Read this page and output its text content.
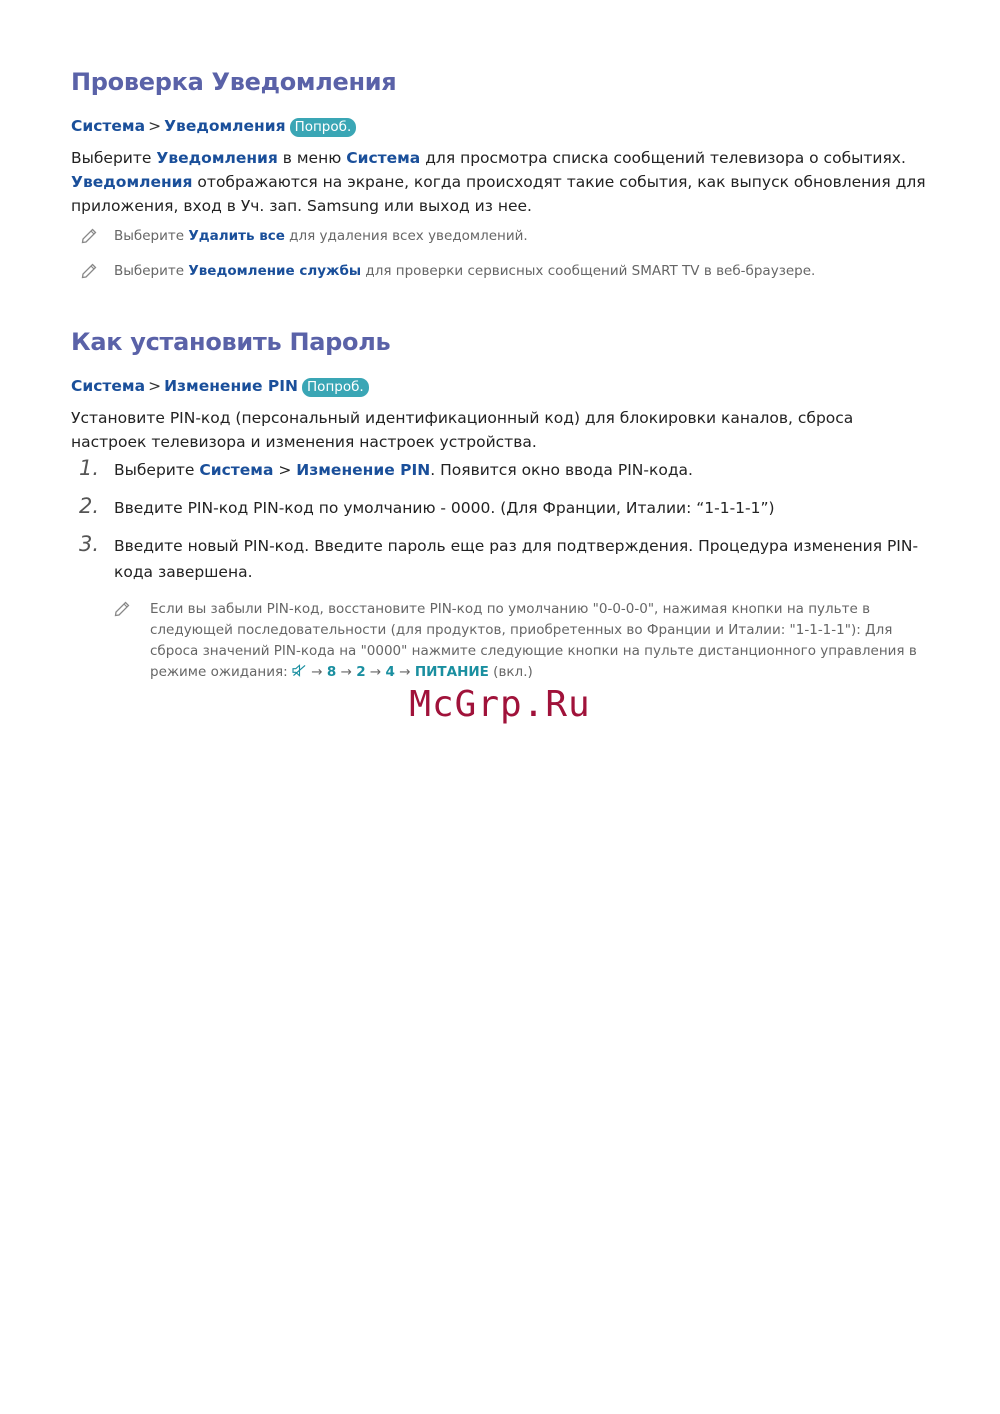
Проверка Уведомления
Система > Уведомления Попроб.

Выберите Уведомления в меню Система для просмотра списка сообщений телевизора о событиях. Уведомления отображаются на экране, когда происходят такие события, как выпуск обновления для приложения, вход в Уч. зап. Samsung или выход из нее.

Выберите Удалить все для удаления всех уведомлений.
Выберите Уведомление службы для проверки сервисных сообщений SMART TV в веб-браузере.
Как установить Пароль
Система > Изменение PIN Попроб.

Установите PIN-код (персональный идентификационный код) для блокировки каналов, сброса настроек телевизора и изменения настроек устройства.

1. Выберите Система > Изменение PIN. Появится окно ввода PIN-кода.
2. Введите PIN-код PIN-код по умолчанию - 0000. (Для Франции, Италии: “1-1-1-1”)
3. Введите новый PIN-код. Введите пароль еще раз для подтверждения. Процедура изменения PIN-кода завершена.
Если вы забыли PIN-код, восстановите PIN-код по умолчанию "0-0-0-0", нажимая кнопки на пульте в следующей последовательности (для продуктов, приобретенных во Франции и Италии: "1-1-1-1"): Для сброса значений PIN-кода на "0000" нажмите следующие кнопки на пульте дистанционного управления в режиме ожидания:  → 8 → 2 → 4 → ПИТАНИЕ (вкл.)
McGrp.Ru
